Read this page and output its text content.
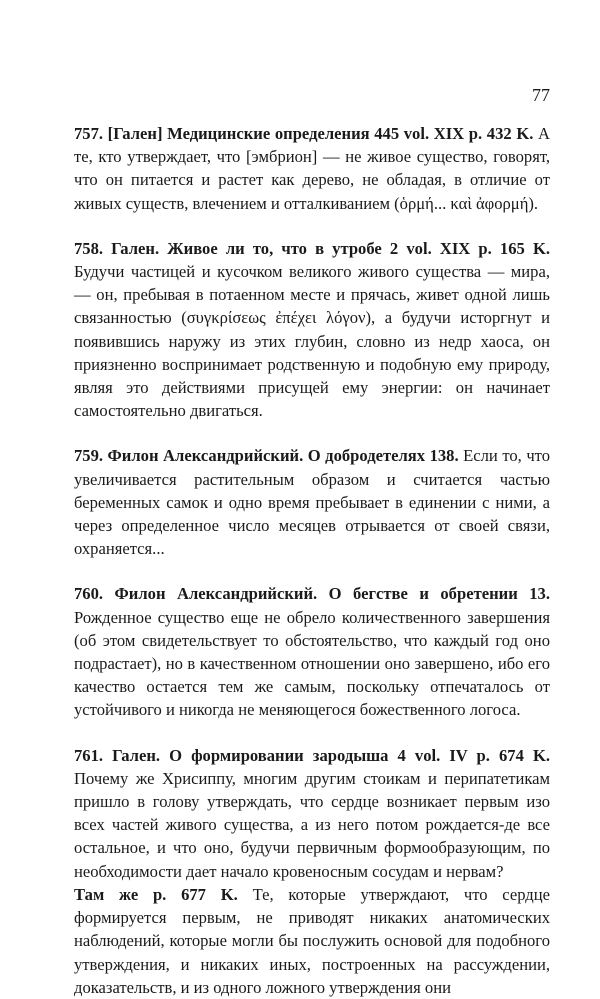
77

757. [Гален] Медицинские определения 445 vol. XIX р. 432 K. А те, кто утверждает, что [эмбрион] — не живое существо, говорят, что он питается и растет как дерево, не обладая, в отличие от живых существ, влечением и отталкиванием (ὁρμή... καὶ ἀφορμή).

758. Гален. Живое ли то, что в утробе 2 vol. XIX р. 165 K. Будучи частицей и кусочком великого живого существа — мира, — он, пребывая в потаенном месте и прячась, живет одной лишь связанностью (συγκρίσεως ἐπέχει λόγον), а будучи исторгнут и появившись наружу из этих глубин, словно из недр хаоса, он приязненно воспринимает родственную и подобную ему природу, являя это действиями присущей ему энергии: он начинает самостоятельно двигаться.

759. Филон Александрийский. О добродетелях 138. Если то, что увеличивается растительным образом и считается частью беременных самок и одно время пребывает в единении с ними, а через определенное число месяцев отрывается от своей связи, охраняется...

760. Филон Александрийский. О бегстве и обретении 13. Рожденное существо еще не обрело количественного завершения (об этом свидетельствует то обстоятельство, что каждый год оно подрастает), но в качественном отношении оно завершено, ибо его качество остается тем же самым, поскольку отпечаталось от устойчивого и никогда не меняющегося божественного логоса.

761. Гален. О формировании зародыша 4 vol. IV р. 674 K. Почему же Хрисиппу, многим другим стоикам и перипатетикам пришло в голову утверждать, что сердце возникает первым изо всех частей живого существа, а из него потом рождается-де все остальное, и что оно, будучи первичным формообразующим, по необходимости дает начало кровеносным сосудам и нервам?

Там же р. 677 K. Те, которые утверждают, что сердце формируется первым, не приводят никаких анатомических наблюдений, которые могли бы послужить основой для подобного утверждения, и никаких иных, построенных на рассуждении, доказательств, и из одного ложного утверждения они
